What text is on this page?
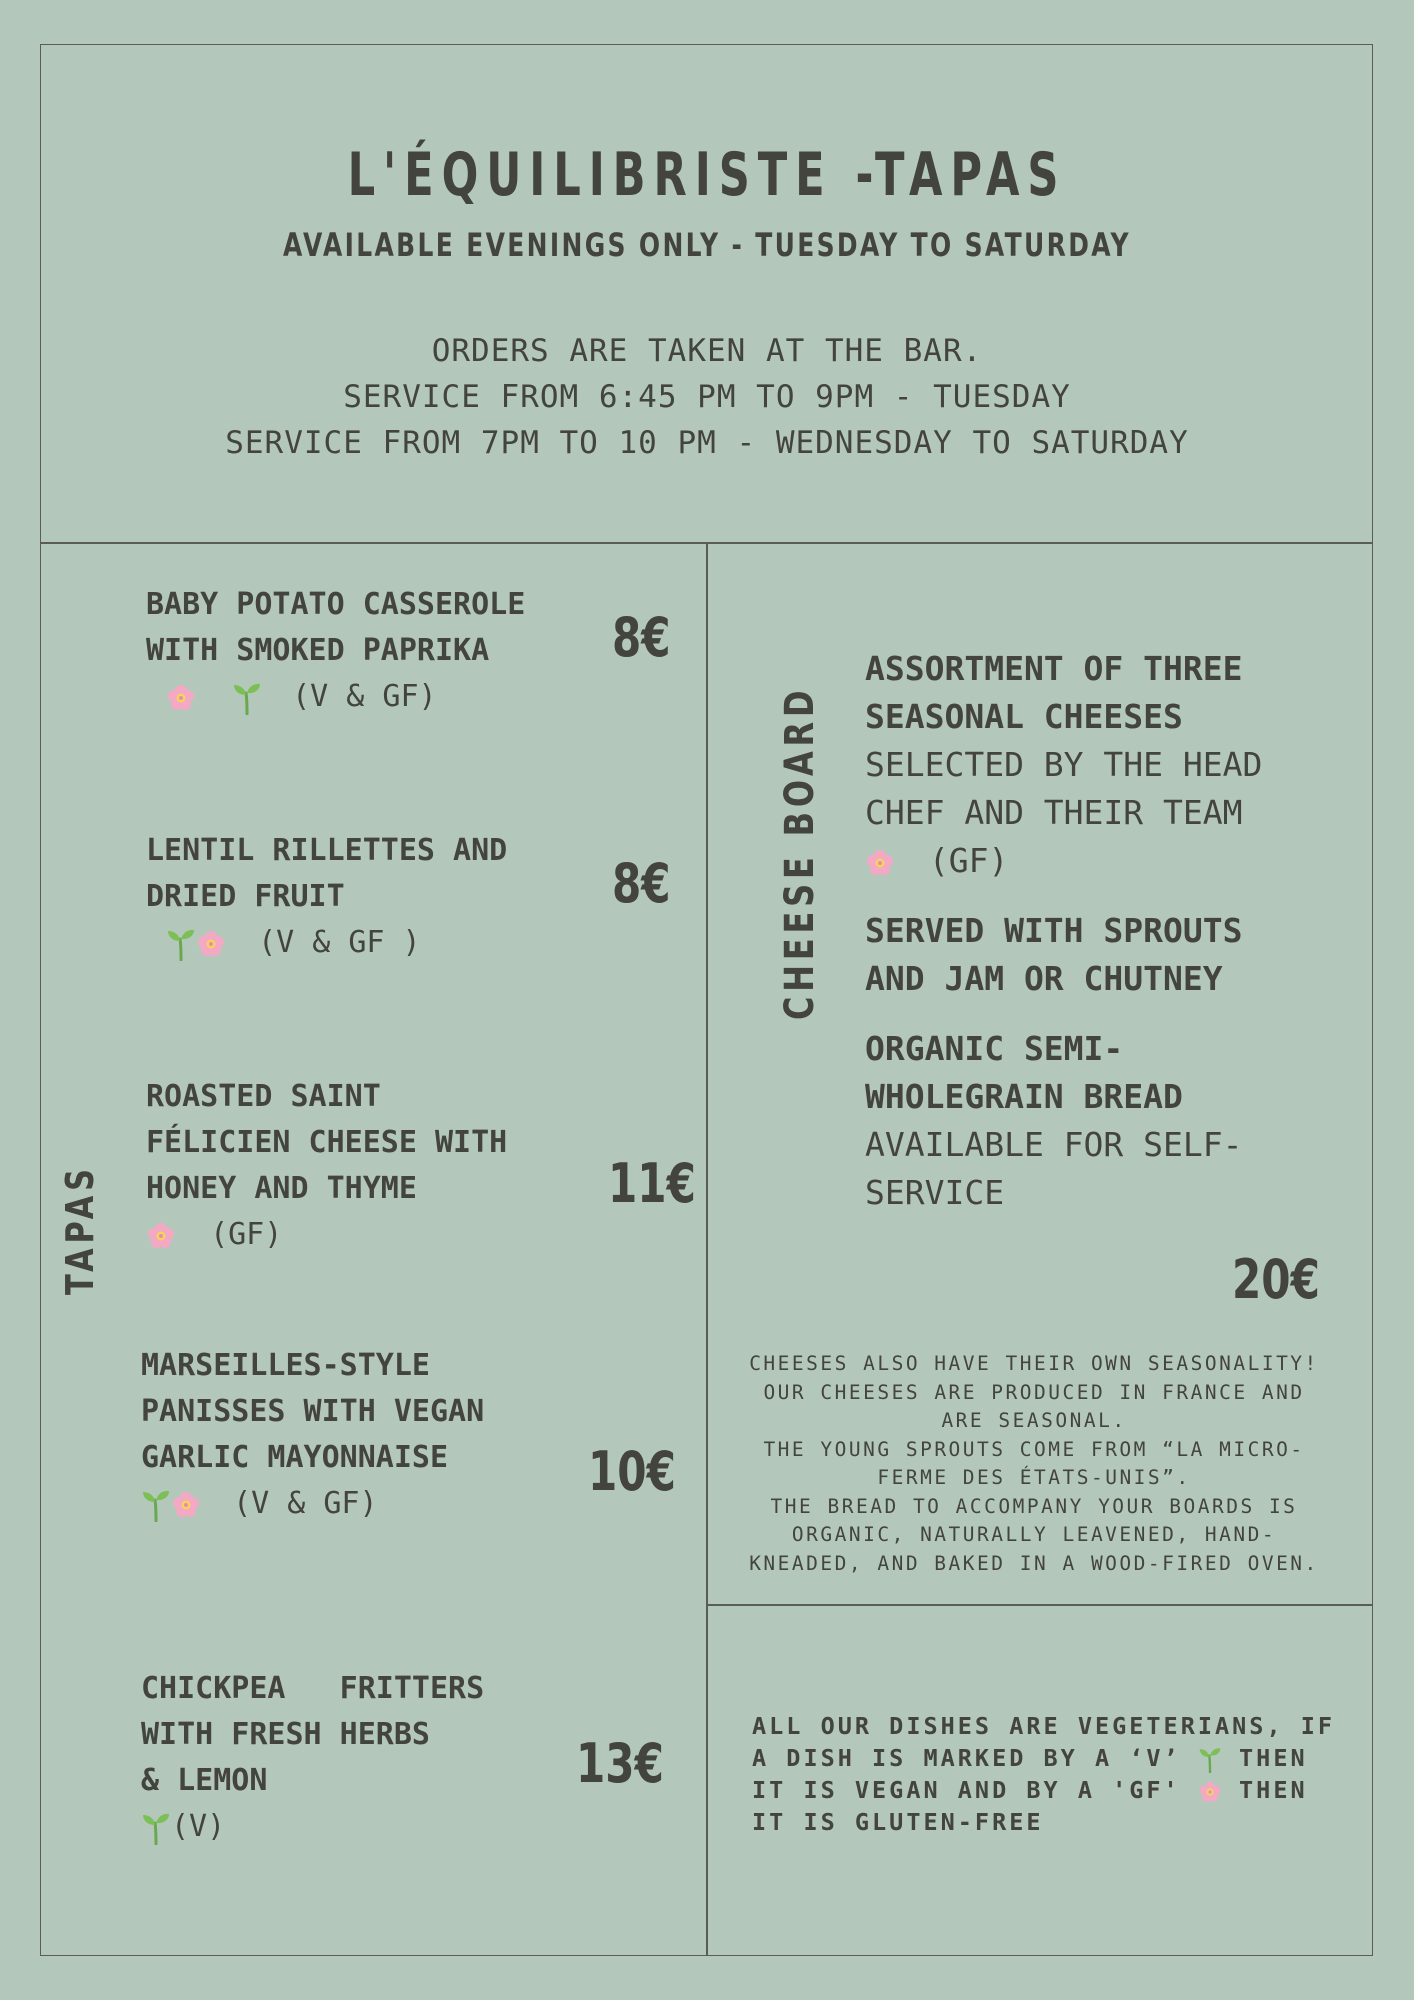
L'ÉQUILIBRISTE -TAPAS
AVAILABLE EVENINGS ONLY - TUESDAY TO SATURDAY
ORDERS ARE TAKEN AT THE BAR.
SERVICE FROM 6:45 PM TO 9PM - TUESDAY
SERVICE FROM 7PM TO 10 PM - WEDNESDAY TO SATURDAY
TAPAS
CHEESE BOARD
BABY POTATO CASSEROLE
WITH SMOKED PAPRIKA
(V & GF)
8€
LENTIL RILLETTES AND
DRIED FRUIT
(V & GF )
8€
ROASTED SAINT
FÉLICIEN CHEESE WITH
HONEY AND THYME
(GF)
11€
MARSEILLES-STYLE
PANISSES WITH VEGAN
GARLIC MAYONNAISE
(V & GF)
10€
CHICKPEA   FRITTERS
WITH FRESH HERBS
& LEMON
(V)
13€
ASSORTMENT OF THREE
SEASONAL CHEESES
SELECTED BY THE HEAD
CHEF AND THEIR TEAM
(GF)
SERVED WITH SPROUTS
AND JAM OR CHUTNEY
ORGANIC SEMI-
WHOLEGRAIN BREAD
AVAILABLE FOR SELF-
SERVICE
20€
CHEESES ALSO HAVE THEIR OWN SEASONALITY!
OUR CHEESES ARE PRODUCED IN FRANCE AND
ARE SEASONAL.
THE YOUNG SPROUTS COME FROM “LA MICRO-
FERME DES ÉTATS-UNIS”.
THE BREAD TO ACCOMPANY YOUR BOARDS IS
ORGANIC, NATURALLY LEAVENED, HAND-
KNEADED, AND BAKED IN A WOOD-FIRED OVEN.
ALL OUR DISHES ARE VEGETERIANS, IF
A DISH IS MARKED BY A ‘V’ THEN
IT IS VEGAN AND BY A 'GF' THEN
IT IS GLUTEN-FREE
